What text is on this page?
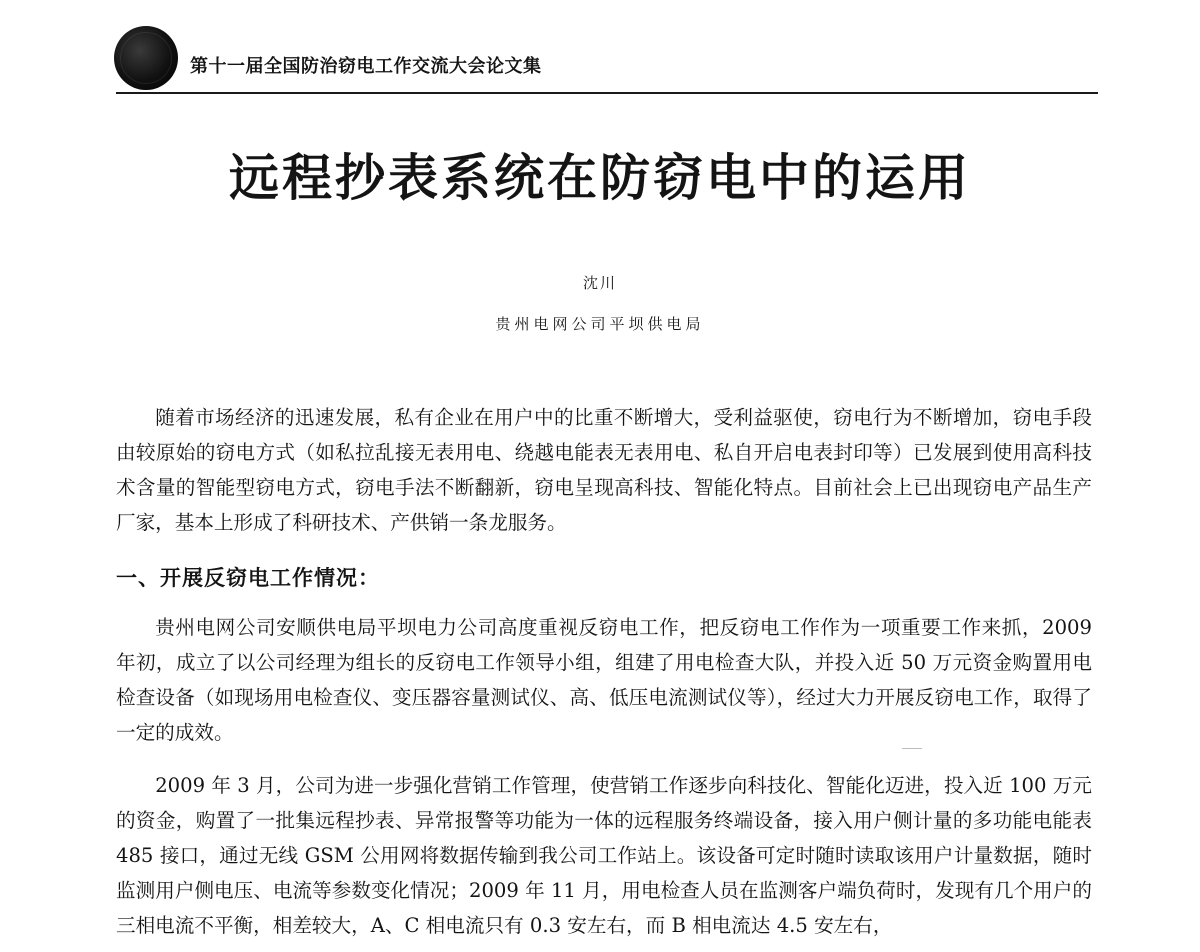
第十一届全国防治窃电工作交流大会论文集
远程抄表系统在防窃电中的运用
沈川
贵州电网公司平坝供电局

随着市场经济的迅速发展，私有企业在用户中的比重不断增大，受利益驱使，窃电行为不断增加，窃电手段由较原始的窃电方式（如私拉乱接无表用电、绕越电能表无表用电、私自开启电表封印等）已发展到使用高科技术含量的智能型窃电方式，窃电手法不断翻新，窃电呈现高科技、智能化特点。目前社会上已出现窃电产品生产厂家，基本上形成了科研技术、产供销一条龙服务。

一、开展反窃电工作情况：

贵州电网公司安顺供电局平坝电力公司高度重视反窃电工作，把反窃电工作作为一项重要工作来抓，2009 年初，成立了以公司经理为组长的反窃电工作领导小组，组建了用电检查大队，并投入近 50 万元资金购置用电检查设备（如现场用电检查仪、变压器容量测试仪、高、低压电流测试仪等），经过大力开展反窃电工作，取得了一定的成效。

2009 年 3 月，公司为进一步强化营销工作管理，使营销工作逐步向科技化、智能化迈进，投入近 100 万元的资金，购置了一批集远程抄表、异常报警等功能为一体的远程服务终端设备，接入用户侧计量的多功能电能表 485 接口，通过无线 GSM 公用网将数据传输到我公司工作站上。该设备可定时随时读取该用户计量数据，随时监测用户侧电压、电流等参数变化情况；2009 年 11 月，用电检查人员在监测客户端负荷时，发现有几个用户的三相电流不平衡，相差较大，A、C 相电流只有 0.3 安左右，而 B 相电流达 4.5 安左右，
